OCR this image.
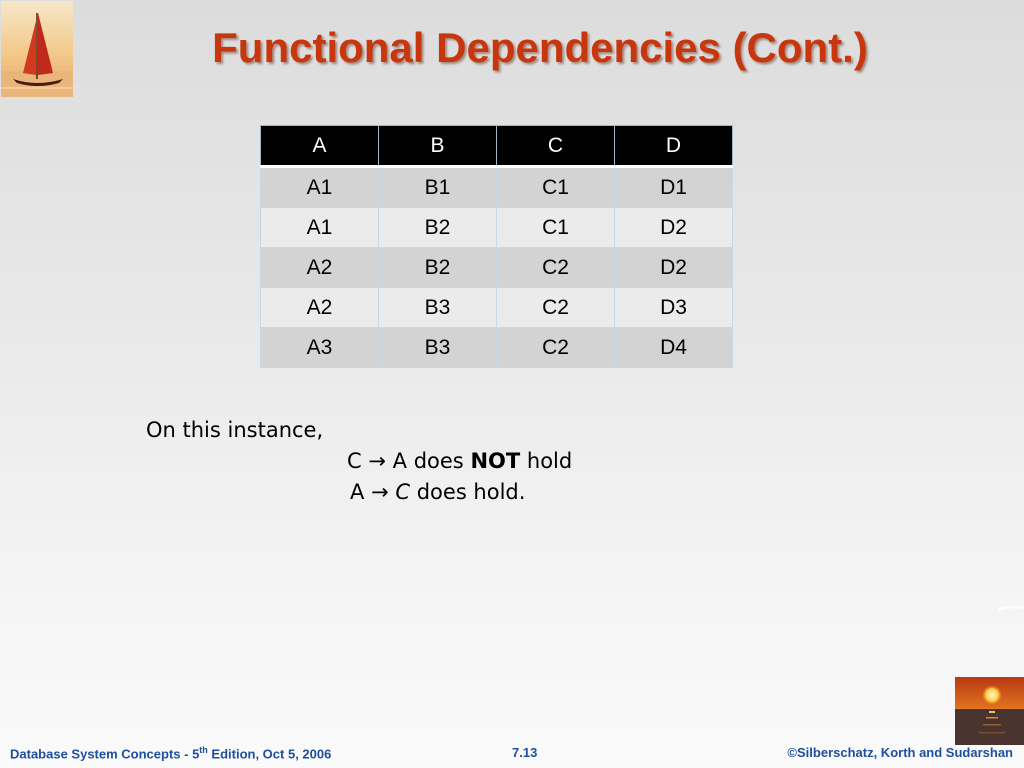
Functional Dependencies (Cont.)
A	B	C	D
A1	B1	C1	D1
A1	B2	C1	D2
A2	B2	C2	D2
A2	B3	C2	D3
A3	B3	C2	D4
On this instance,
C → A does NOT hold
A → C does hold.
Database System Concepts - 5th Edition, Oct 5, 2006	7.13	©Silberschatz, Korth and Sudarshan
